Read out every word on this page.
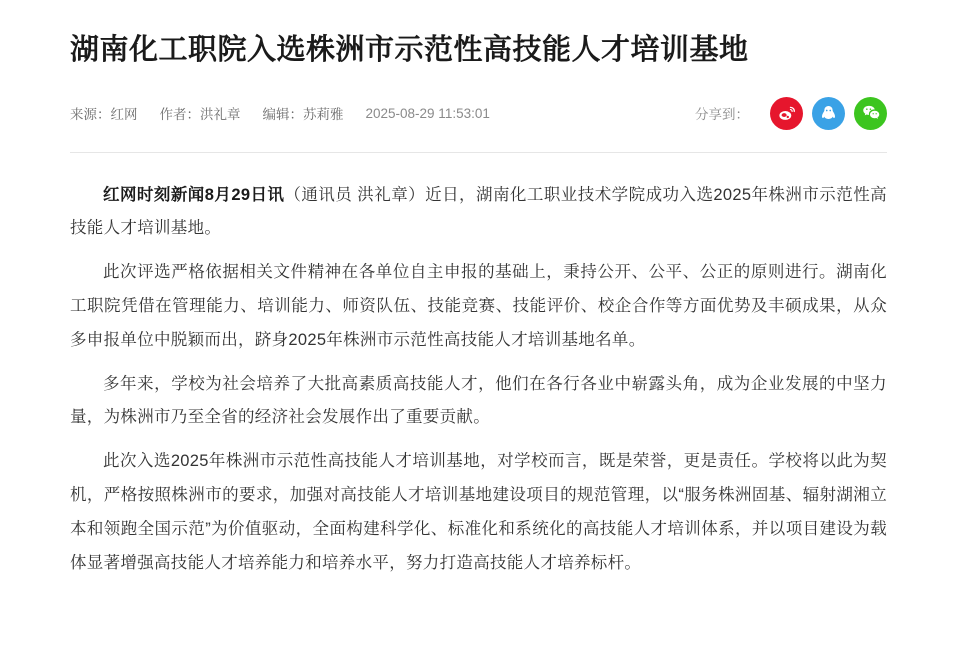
湖南化工职院入选株洲市示范性高技能人才培训基地
来源：红网 作者：洪礼章 编辑：苏莉雅 2025-08-29 11:53:01	分享到：

红网时刻新闻8月29日讯（通讯员 洪礼章）近日，湖南化工职业技术学院成功入选2025年株洲市示范性高技能人才培训基地。

此次评选严格依据相关文件精神在各单位自主申报的基础上，秉持公开、公平、公正的原则进行。湖南化工职院凭借在管理能力、培训能力、师资队伍、技能竞赛、技能评价、校企合作等方面优势及丰硕成果，从众多申报单位中脱颖而出，跻身2025年株洲市示范性高技能人才培训基地名单。

多年来，学校为社会培养了大批高素质高技能人才，他们在各行各业中崭露头角，成为企业发展的中坚力量，为株洲市乃至全省的经济社会发展作出了重要贡献。

此次入选2025年株洲市示范性高技能人才培训基地，对学校而言，既是荣誉，更是责任。学校将以此为契机，严格按照株洲市的要求，加强对高技能人才培训基地建设项目的规范管理，以“服务株洲固基、辐射湖湘立本和领跑全国示范”为价值驱动，全面构建科学化、标准化和系统化的高技能人才培训体系，并以项目建设为载体显著增强高技能人才培养能力和培养水平，努力打造高技能人才培养标杆。
